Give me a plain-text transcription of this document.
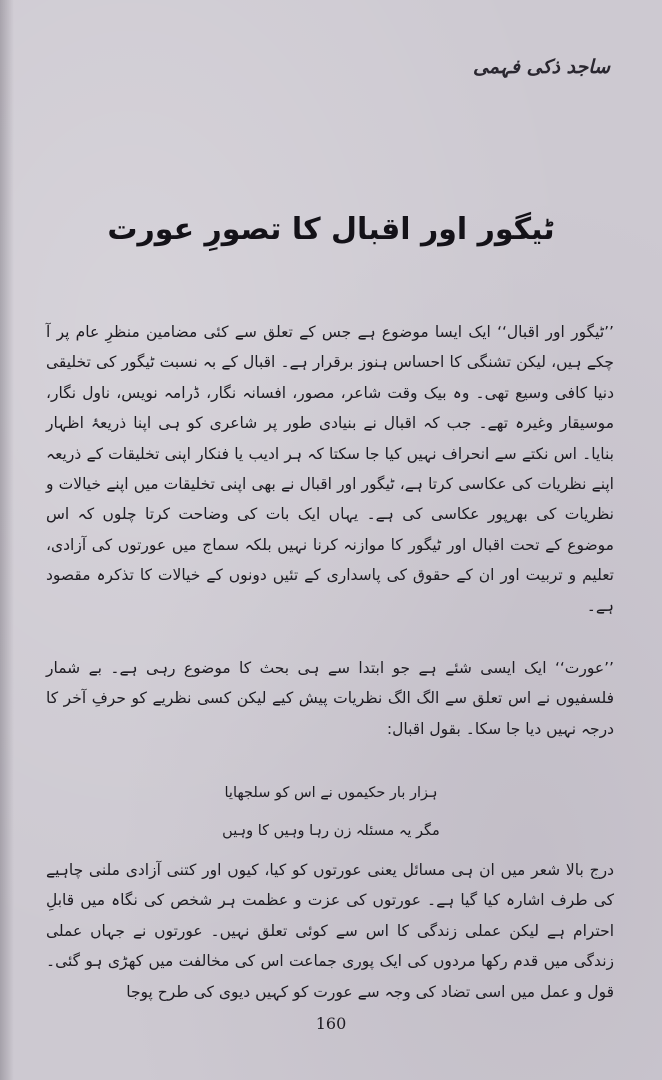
ساجد ذکی فہمی
ٹیگور اور اقبال کا تصورِ عورت

’’ٹیگور اور اقبال‘‘ ایک ایسا موضوع ہے جس کے تعلق سے کئی مضامین منظرِ عام پر آ چکے ہیں، لیکن تشنگی کا احساس ہنوز برقرار ہے۔ اقبال کے بہ نسبت ٹیگور کی تخلیقی دنیا کافی وسیع تھی۔ وہ بیک وقت شاعر، مصور، افسانہ نگار، ڈرامہ نویس، ناول نگار، موسیقار وغیرہ تھے۔ جب کہ اقبال نے بنیادی طور پر شاعری کو ہی اپنا ذریعۂ اظہار بنایا۔ اس نکتے سے انحراف نہیں کیا جا سکتا کہ ہر ادیب یا فنکار اپنی تخلیقات کے ذریعہ اپنے نظریات کی عکاسی کرتا ہے، ٹیگور اور اقبال نے بھی اپنی تخلیقات میں اپنے خیالات و نظریات کی بھرپور عکاسی کی ہے۔ یہاں ایک بات کی وضاحت کرتا چلوں کہ اس موضوع کے تحت اقبال اور ٹیگور کا موازنہ کرنا نہیں بلکہ سماج میں عورتوں کی آزادی، تعلیم و تربیت اور ان کے حقوق کی پاسداری کے تئیں دونوں کے خیالات کا تذکرہ مقصود ہے۔

’’عورت‘‘ ایک ایسی شئے ہے جو ابتدا سے ہی بحث کا موضوع رہی ہے۔ بے شمار فلسفیوں نے اس تعلق سے الگ الگ نظریات پیش کیے لیکن کسی نظریے کو حرفِ آخر کا درجہ نہیں دیا جا سکا۔ بقول اقبال:

ہزار بار حکیموں نے اس کو سلجھایا

مگر یہ مسئلہ زن رہا وہیں کا وہیں

درج بالا شعر میں ان ہی مسائل یعنی عورتوں کو کیا، کیوں اور کتنی آزادی ملنی چاہیے کی طرف اشارہ کیا گیا ہے۔ عورتوں کی عزت و عظمت ہر شخص کی نگاہ میں قابلِ احترام ہے لیکن عملی زندگی کا اس سے کوئی تعلق نہیں۔ عورتوں نے جہاں عملی زندگی میں قدم رکھا مردوں کی ایک پوری جماعت اس کی مخالفت میں کھڑی ہو گئی۔ قول و عمل میں اسی تضاد کی وجہ سے عورت کو کہیں دیوی کی طرح پوجا

160
